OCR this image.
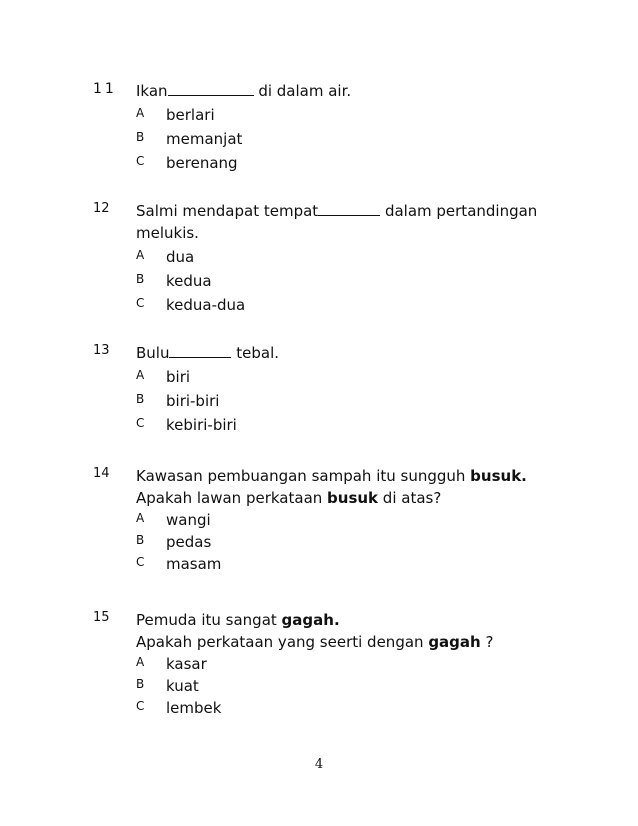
11 Ikan	di dalam air.
A berlari
B memanjat
C berenang
12 Salmi mendapat tempat	dalam pertandingan
melukis.
A dua
B kedua
C kedua-dua
13 Bulu	tebal.
A biri
B biri-biri
C kebiri-biri
14 Kawasan pembuangan sampah itu sungguh busuk.
Apakah lawan perkataan busuk di atas?
A wangi
B pedas
C masam
15 Pemuda itu sangat gagah.
Apakah perkataan yang seerti dengan gagah ?
A kasar
B kuat
C lembek
4
